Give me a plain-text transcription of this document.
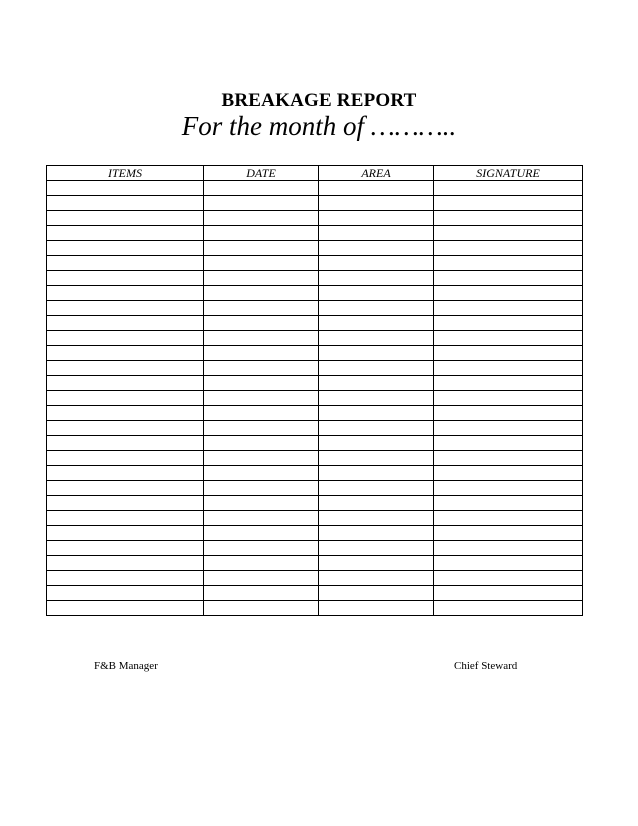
BREAKAGE REPORT
For the month of ………..
ITEMS	DATE	AREA	SIGNATURE

F&B Manager	Chief Steward
